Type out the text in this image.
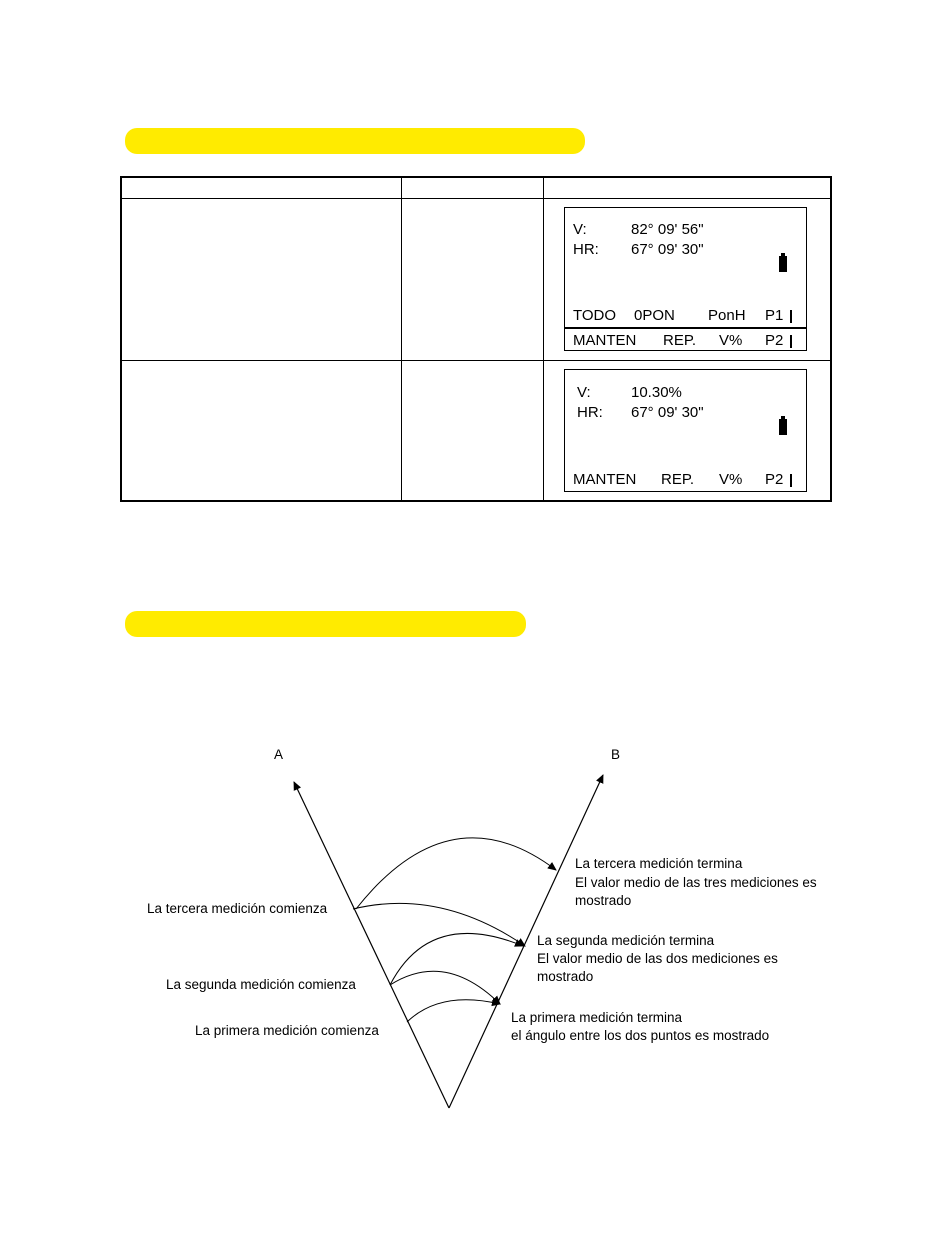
V:	82° 09' 56"
HR: 67° 09' 30"
TODO 0PON PonH P1
MANTEN REP. V% P2
V:	10.30%
HR: 67° 09' 30"
MANTEN REP. V% P2
A	B
La tercera medición termina
El valor medio de las tres mediciones es
mostrado
La tercera medición comienza
La segunda medición termina
El valor medio de las dos mediciones es
mostrado
La segunda medición comienza
La primera medición termina
el ángulo entre los dos puntos es mostrado
La primera medición comienza
